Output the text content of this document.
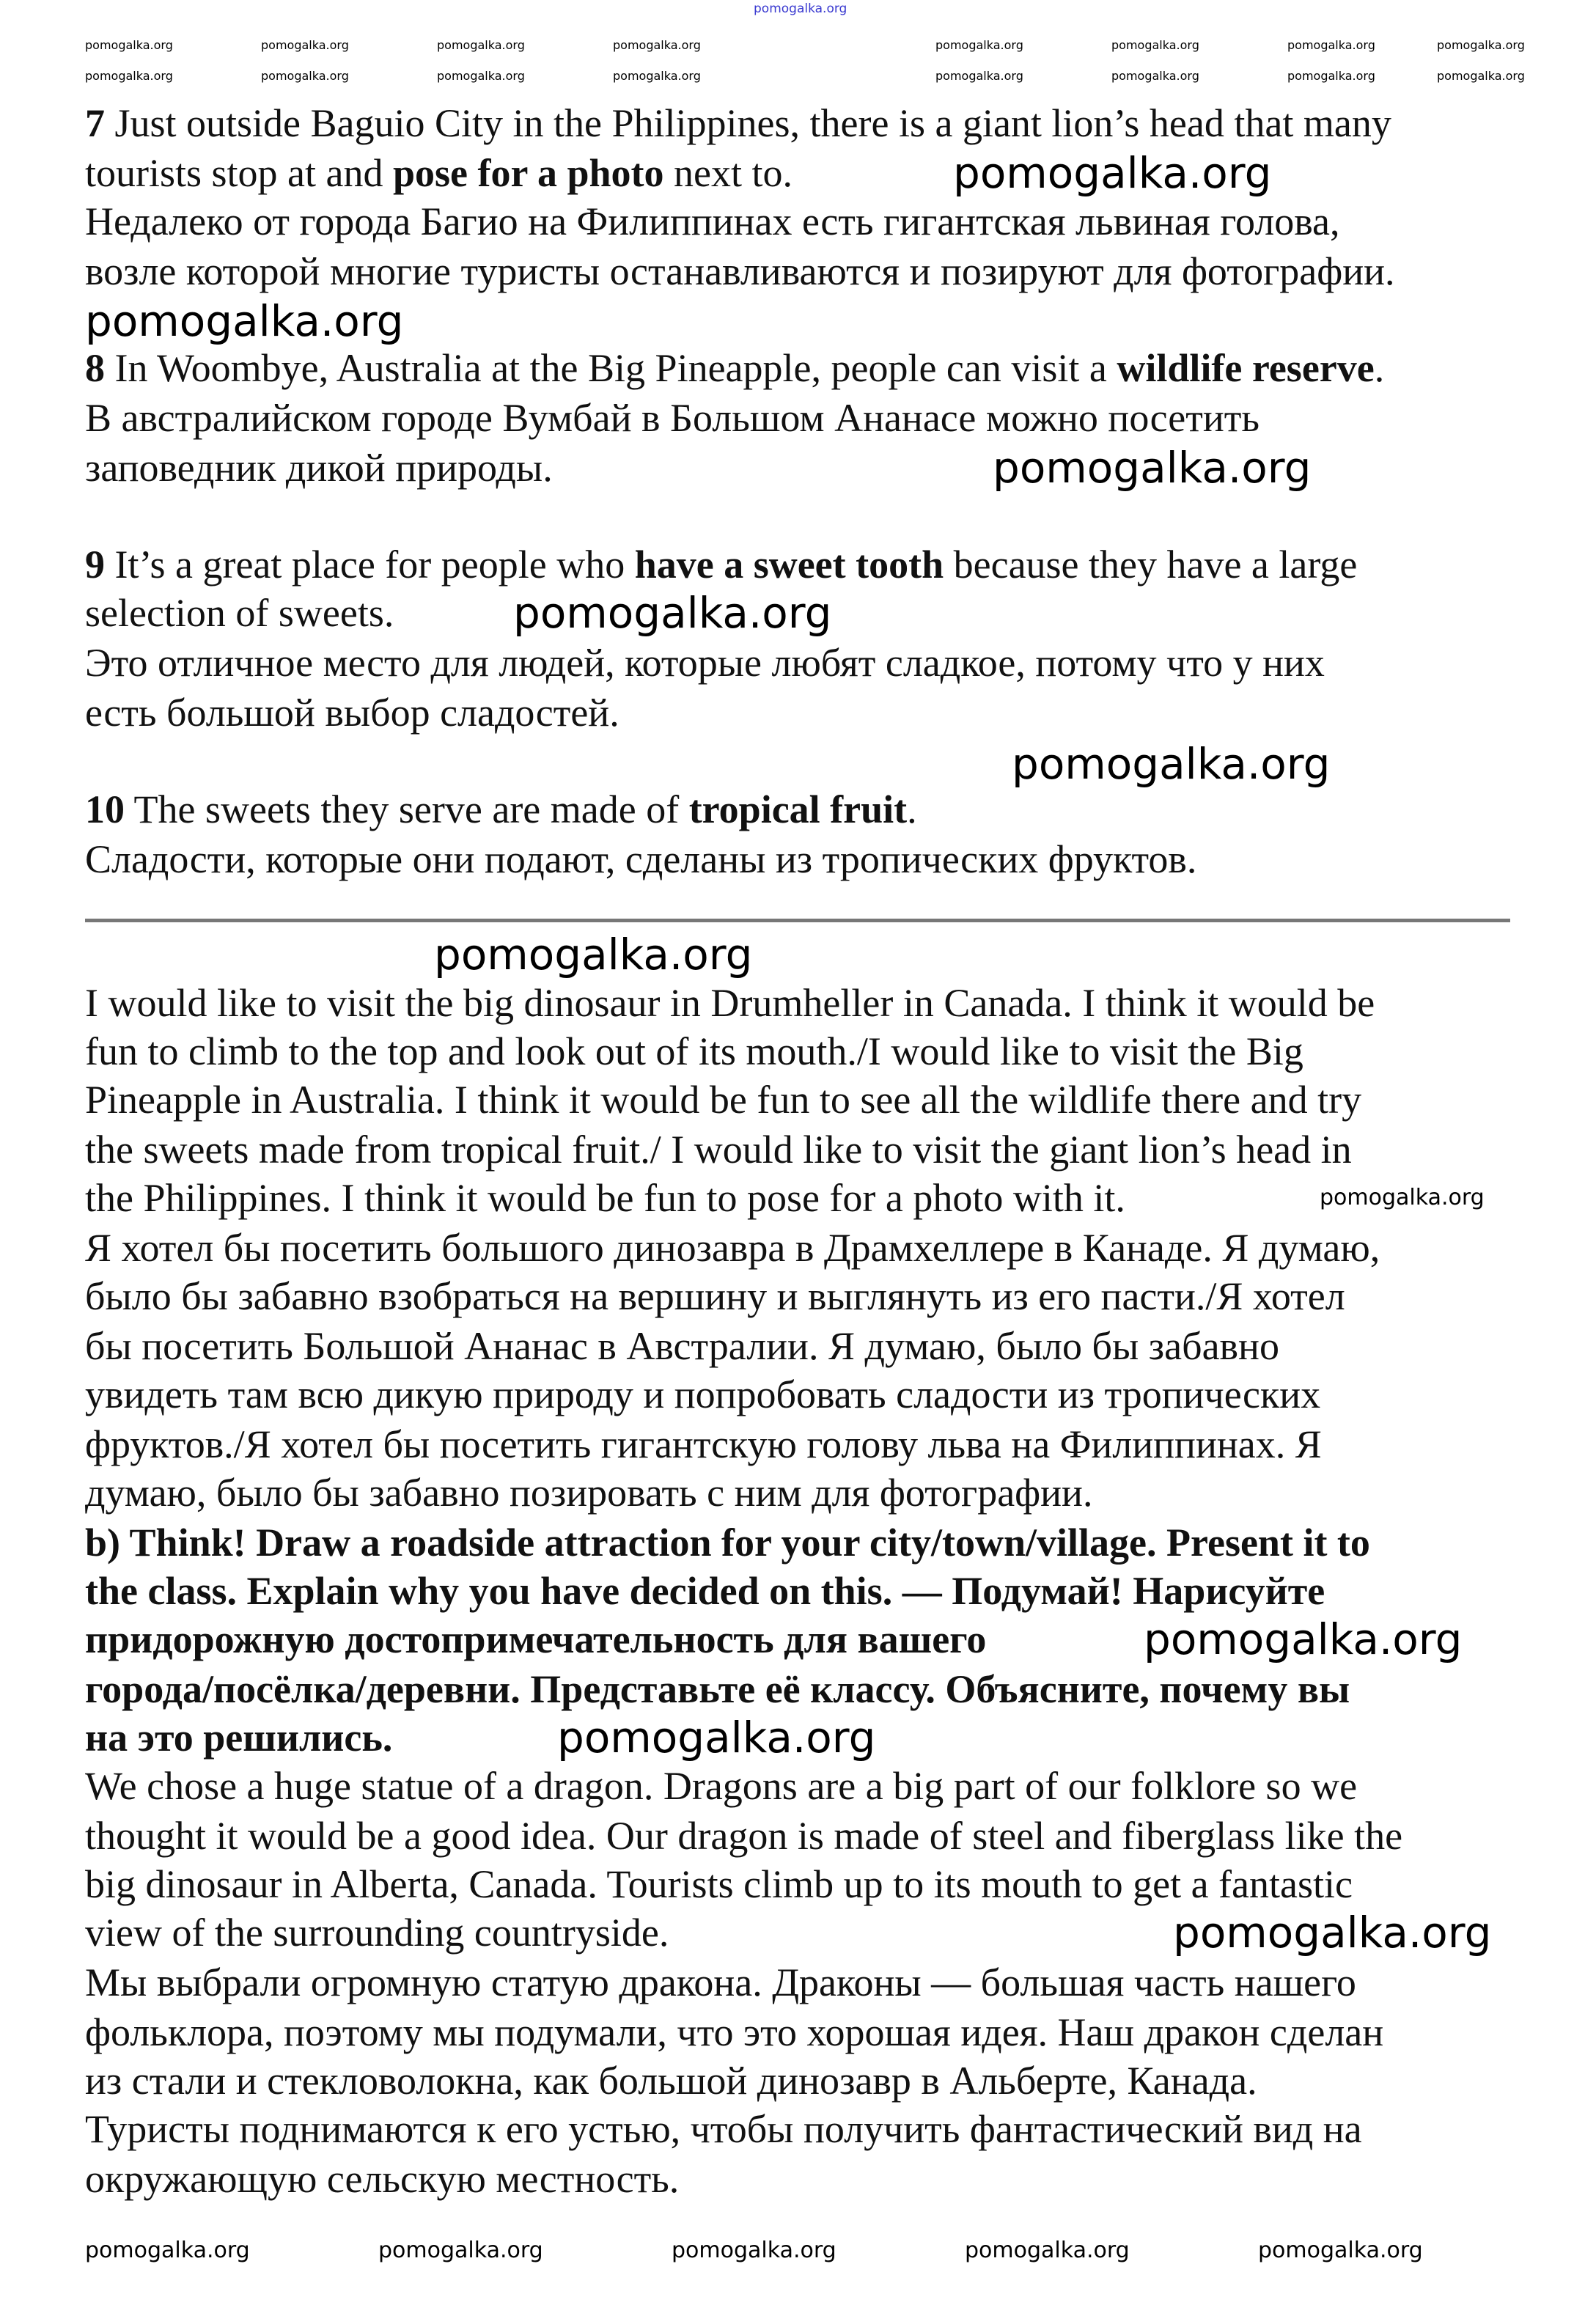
pomogalka.org
7 Just outside Baguio City in the Philippines, there is a giant lion’s head that many
tourists stop at and pose for a photo next to.
Недалеко от города Багио на Филиппинах есть гигантская львиная голова,
возле которой многие туристы останавливаются и позируют для фотографии.
8 In Woombye, Australia at the Big Pineapple, people can visit a wildlife reserve.
В австралийском городе Вумбай в Большом Ананасе можно посетить
заповедник дикой природы.
9 It’s a great place for people who have a sweet tooth because they have a large
selection of sweets.
Это отличное место для людей, которые любят сладкое, потому что у них
есть большой выбор сладостей.
10 The sweets they serve are made of tropical fruit.
Сладости, которые они подают, сделаны из тропических фруктов.
I would like to visit the big dinosaur in Drumheller in Canada. I think it would be
fun to climb to the top and look out of its mouth./I would like to visit the Big
Pineapple in Australia. I think it would be fun to see all the wildlife there and try
the sweets made from tropical fruit./ I would like to visit the giant lion’s head in
the Philippines. I think it would be fun to pose for a photo with it.
Я хотел бы посетить большого динозавра в Драмхеллере в Канаде. Я думаю,
было бы забавно взобраться на вершину и выглянуть из его пасти./Я хотел
бы посетить Большой Ананас в Австралии. Я думаю, было бы забавно
увидеть там всю дикую природу и попробовать сладости из тропических
фруктов./Я хотел бы посетить гигантскую голову льва на Филиппинах. Я
думаю, было бы забавно позировать с ним для фотографии.
b) Think! Draw a roadside attraction for your city/town/village. Present it to
the class. Explain why you have decided on this. — Подумай! Нарисуйте
придорожную достопримечательность для вашего
города/посёлка/деревни. Представьте её классу. Объясните, почему вы
на это решились.
We chose a huge statue of a dragon. Dragons are a big part of our folklore so we
thought it would be a good idea. Our dragon is made of steel and fiberglass like the
big dinosaur in Alberta, Canada. Tourists climb up to its mouth to get a fantastic
view of the surrounding countryside.
Мы выбрали огромную статую дракона. Драконы — большая часть нашего
фольклора, поэтому мы подумали, что это хорошая идея. Наш дракон сделан
из стали и стекловолокна, как большой динозавр в Альберте, Канада.
Туристы поднимаются к его устью, чтобы получить фантастический вид на
окружающую сельскую местность.
pomogalka.org
pomogalka.org
pomogalka.org
pomogalka.org
pomogalka.org
pomogalka.org
pomogalka.org
pomogalka.org
pomogalka.org
pomogalka.org
pomogalka.org	pomogalka.org	pomogalka.org	pomogalka.org	pomogalka.org	pomogalka.org	pomogalka.org	pomogalka.org
pomogalka.org	pomogalka.org	pomogalka.org	pomogalka.org	pomogalka.org	pomogalka.org	pomogalka.org	pomogalka.org
pomogalka.org	pomogalka.org	pomogalka.org	pomogalka.org	pomogalka.org
